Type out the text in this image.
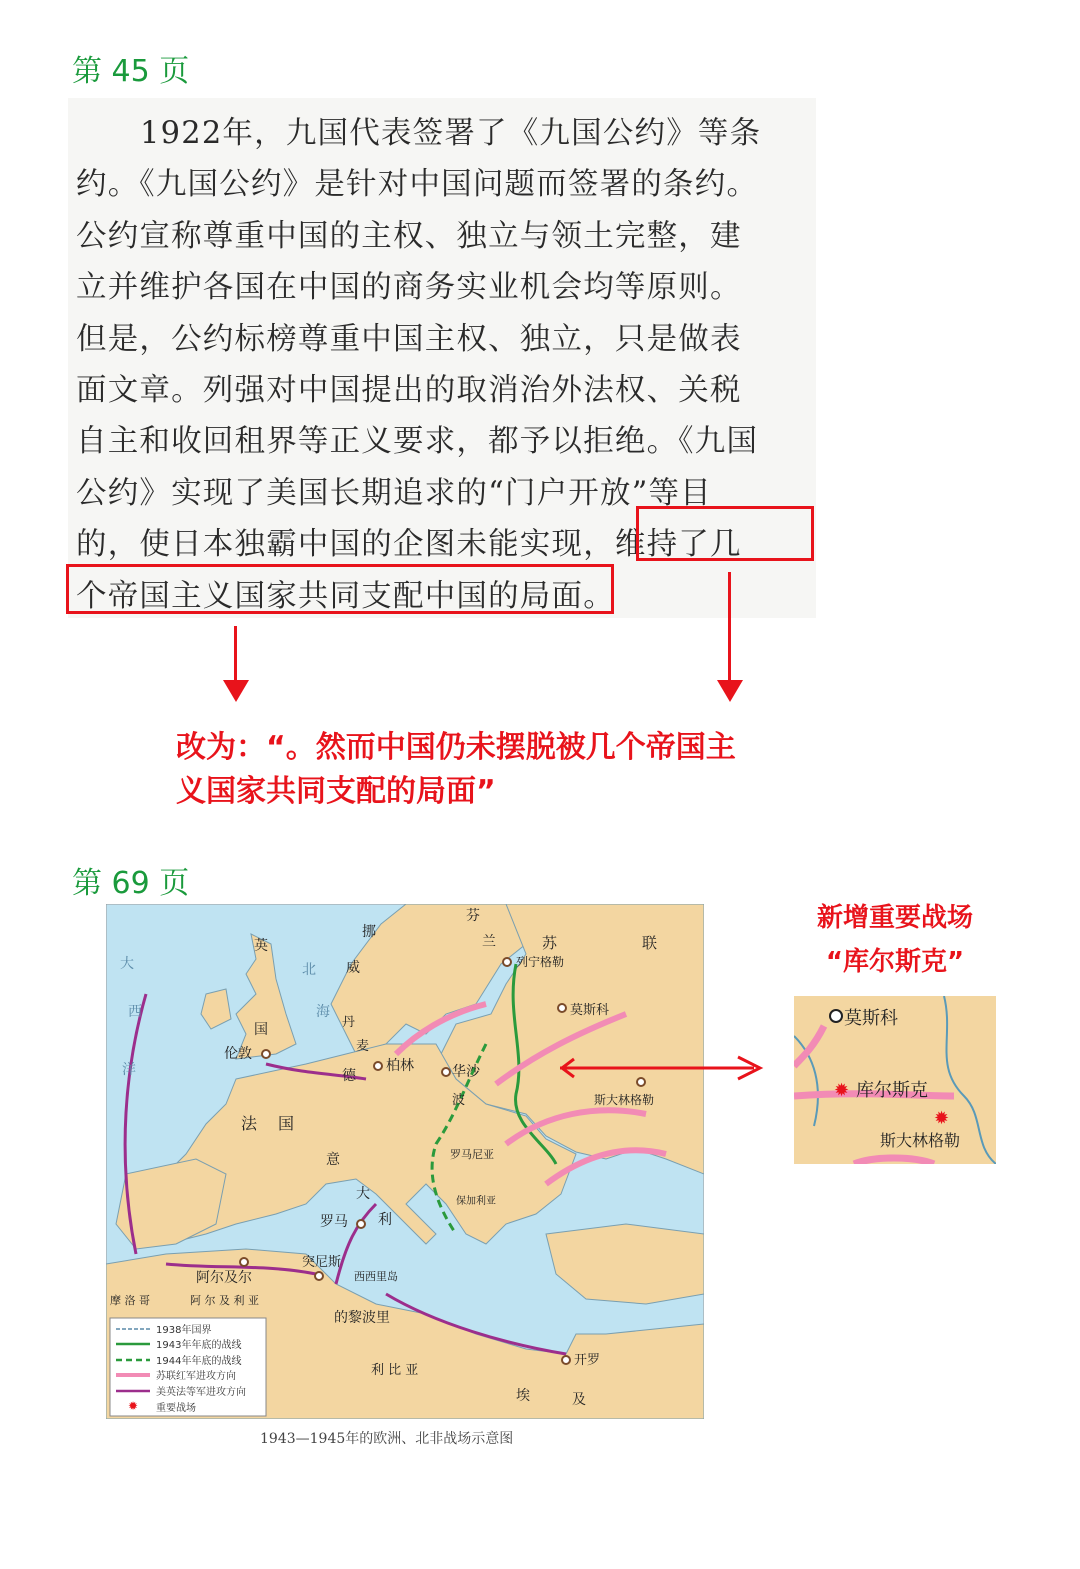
第 45 页
1922年，九国代表签署了《九国公约》等条
约。《九国公约》是针对中国问题而签署的条约。
公约宣称尊重中国的主权、独立与领土完整，建
立并维护各国在中国的商务实业机会均等原则。
但是，公约标榜尊重中国主权、独立，只是做表
面文章。列强对中国提出的取消治外法权、关税
自主和收回租界等正义要求，都予以拒绝。《九国
公约》实现了美国长期追求的“门户开放”等目
的，使日本独霸中国的企图未能实现，维持了几
个帝国主义国家共同支配中国的局面。
改为：“。然而中国仍未摆脱被几个帝国主
义国家共同支配的局面”
第 69 页
芬
兰	苏	联
挪
威	列宁格勒
莫斯科
斯大林格勒
英
国
伦敦
柏林	华沙
丹
麦
波
法 国
德
意
大
利
罗马
罗马尼亚
保加利亚
突尼斯
阿尔及尔	西西里岛
的黎波里
开罗
利 比 亚
埃	及
摩 洛 哥	阿 尔 及 利 亚
大
西
洋
北
海
✹
1938年国界
1943年年底的战线
1944年年底的战线
苏联红军进攻方向
美英法等军进攻方向
重要战场
1943—1945年的欧洲、北非战场示意图
新增重要战场
“库尔斯克”
莫斯科
✹ 库尔斯克
✹
斯大林格勒
